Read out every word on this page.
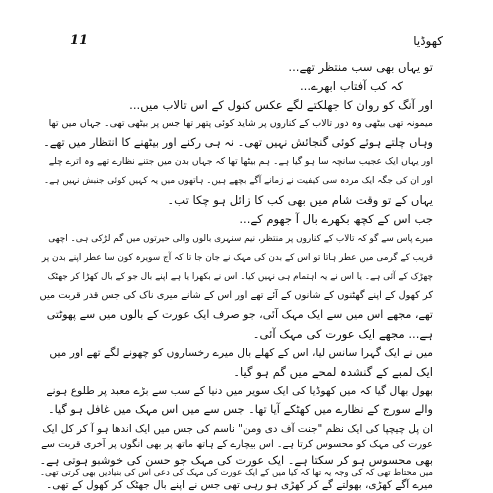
11	کھوڈیا
تو یہاں بھی سب منتظر تھے...
کہ کب آفتاب ابھرے...
اور آنگ کو روان کا جھلکتے لگے عکس کنول کے اس تالاب میں...
میمونہ تھی بیٹھی وہ دور تالاب کے کناروں پر شاید کوئی پتھر تھا جس پر بیٹھی تھی۔ جہاں میں تھا
وہاں چلتے ہوئے کوئی گنجائش نہیں تھی۔ نہ ہی رکنے اور بیٹھنے کا انتظار میں تھے۔
اور یہاں ایک عجیب سانچہ سا ہو گیا ہے۔ ہم بیٹھا تھا کہ جہاں بدن میں جتنے نظارے تھے وہ اترے چلے
اور ان کی جگہ ایک مردہ سی کیفیت نے زمانے آگے بچھے ہیں۔ ہاتھوں میں یہ کہیں کوئی جنبش نہیں ہے۔
یہاں کے تو وقت شام میں بھی کب کا زائل ہو چکا تب۔
جب اس کے کچھ بکھرے بال آ جھوم کے...
میرے پاس سے گو کہ تالاب کے کناروں پر منتظر، نیم سنہری بالوں والی حیرتوں میں گم لڑکی ہی۔ اچھی
قریب کے گرمی میں عطر ہاتا تو اس کے بدن کی مہک نے جان جا تا کہ آج سویرہ کون سا عطر اپنے بدن پر
چھڑک کے آئی ہے۔ یا اس نے یہ اہتمام ہی نہیں کیا۔ اس نے بکھرا یا ہے اپنے بال جو کے بال کھڑا کر جھٹک
کر کھول کے اپنے گھٹنوں کے شانوں کے آئے تھے اور اس کے شانے میری ناک کی جس قدر قربت میں
تھے، مجھے اس میں سے ایک مہک آئی، جو صرف ایک عورت کے بالوں میں سے پھوٹتی
ہے... مجھے ایک عورت کی مہک آئی۔
میں نے ایک گہرا سانس لیا، اس کے کھلے بال میرے رخساروں کو چھونے لگے تھے اور میں
ایک لمبے کے گنشدہ لمحے میں گم ہو گیا۔
بھول بھال گیا کہ میں کھوڈیا کی ایک سویر میں دنیا کے سب سے بڑے معبد پر طلوع ہونے
والے سورج کے نظارے میں کھٹکے آیا تھا۔ جس سے میں اس مہک میں غافل ہو گیا۔
ان پل چیچپا کی ایک نظم "جنت آف دی ومن" ناسم کی جس میں ایک اندھا ہو آ کر کل ایک
عورت کی مہک کو محسوس کرتا ہے۔ اس بیچارے کے ہاتھ ماتھ پر بھی انگوں پر آخری قربت سے
بھی محسوس ہو کر سکتا ہے۔ ایک عورت کی مہک جو حسن کی خوشبو ہوتی ہے۔
میں محتاط تھی کہ کی وجہ یہ تھا کہ کیا میں کے ایک عورت کی مہک کی دعی اس کی بنیادیں بھی کرتی تھی۔
میرے آگے کھڑی، بھولتے گے کر کھڑی ہو رہی تھی جس نے اپنے بال جھٹک کر کھول کے تھی۔
